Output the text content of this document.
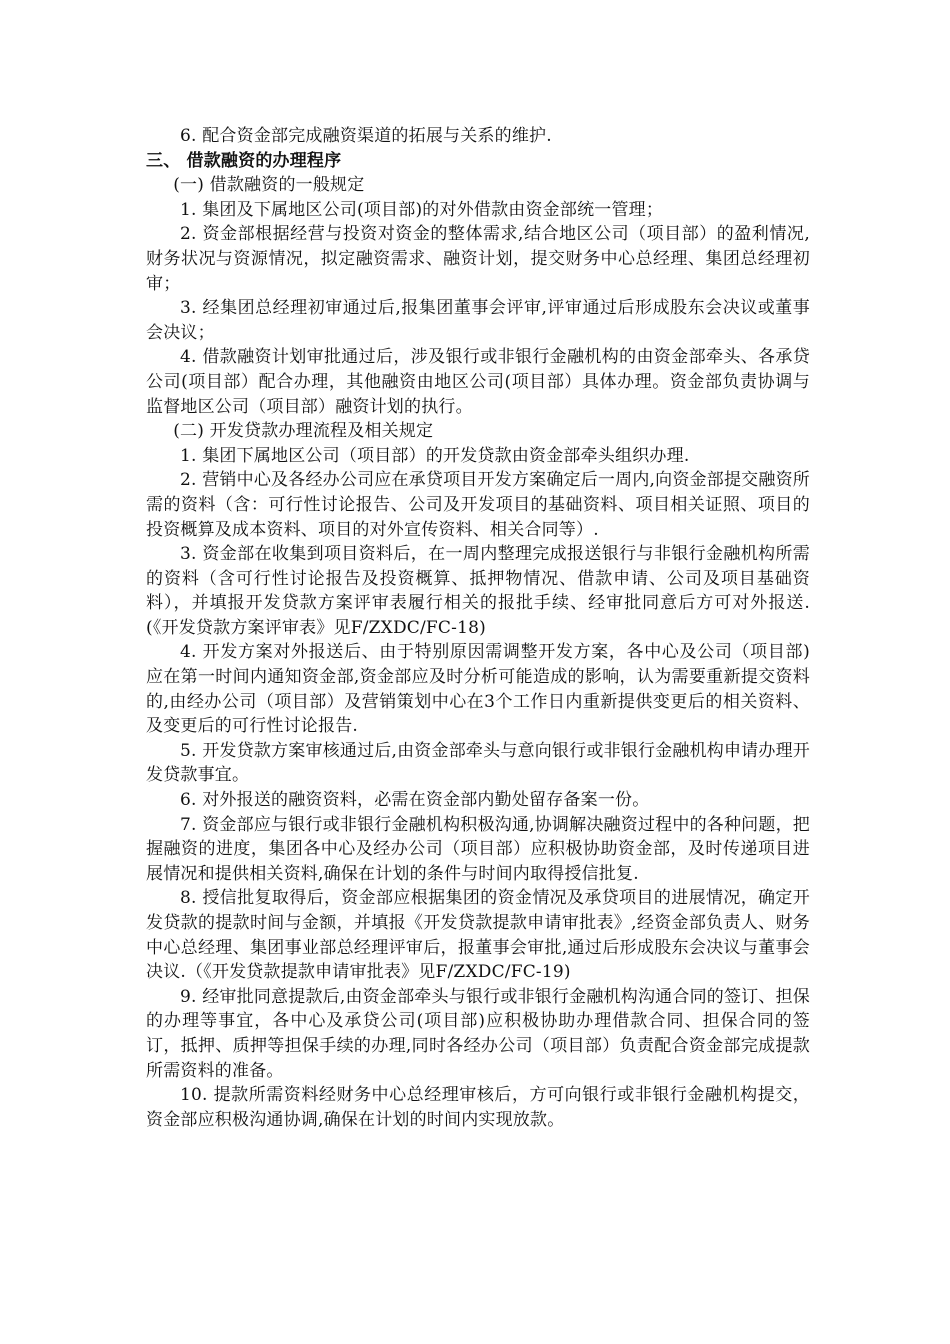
6. 配合资金部完成融资渠道的拓展与关系的维护.

三、 借款融资的办理程序

(一) 借款融资的一般规定

1. 集团及下属地区公司(项目部)的对外借款由资金部统一管理；

2. 资金部根据经营与投资对资金的整体需求,结合地区公司（项目部）的盈利情况,财务状况与资源情况，拟定融资需求、融资计划，提交财务中心总经理、集团总经理初审；

3. 经集团总经理初审通过后,报集团董事会评审,评审通过后形成股东会决议或董事会决议；

4. 借款融资计划审批通过后，涉及银行或非银行金融机构的由资金部牵头、各承贷公司(项目部）配合办理，其他融资由地区公司(项目部）具体办理。资金部负责协调与监督地区公司（项目部）融资计划的执行。

(二) 开发贷款办理流程及相关规定

1. 集团下属地区公司（项目部）的开发贷款由资金部牵头组织办理.

2. 营销中心及各经办公司应在承贷项目开发方案确定后一周内,向资金部提交融资所需的资料（含：可行性讨论报告、公司及开发项目的基础资料、项目相关证照、项目的投资概算及成本资料、项目的对外宣传资料、相关合同等）.

3. 资金部在收集到项目资料后，在一周内整理完成报送银行与非银行金融机构所需的资料（含可行性讨论报告及投资概算、抵押物情况、借款申请、公司及项目基础资料），并填报开发贷款方案评审表履行相关的报批手续、经审批同意后方可对外报送.(《开发贷款方案评审表》见F/ZXDC/FC-18)

4. 开发方案对外报送后、由于特别原因需调整开发方案，各中心及公司（项目部)应在第一时间内通知资金部,资金部应及时分析可能造成的影响，认为需要重新提交资料的,由经办公司（项目部）及营销策划中心在3个工作日内重新提供变更后的相关资料、及变更后的可行性讨论报告.

5. 开发贷款方案审核通过后,由资金部牵头与意向银行或非银行金融机构申请办理开发贷款事宜。

6. 对外报送的融资资料，必需在资金部内勤处留存备案一份。

7. 资金部应与银行或非银行金融机构积极沟通,协调解决融资过程中的各种问题，把握融资的进度，集团各中心及经办公司（项目部）应积极协助资金部，及时传递项目进展情况和提供相关资料,确保在计划的条件与时间内取得授信批复.

8. 授信批复取得后，资金部应根据集团的资金情况及承贷项目的进展情况，确定开发贷款的提款时间与金额，并填报《开发贷款提款申请审批表》,经资金部负责人、财务中心总经理、集团事业部总经理评审后，报董事会审批,通过后形成股东会决议与董事会决议.（《开发贷款提款申请审批表》见F/ZXDC/FC-19)

9. 经审批同意提款后,由资金部牵头与银行或非银行金融机构沟通合同的签订、担保的办理等事宜，各中心及承贷公司(项目部)应积极协助办理借款合同、担保合同的签订，抵押、质押等担保手续的办理,同时各经办公司（项目部）负责配合资金部完成提款所需资料的准备。

10. 提款所需资料经财务中心总经理审核后，方可向银行或非银行金融机构提交，资金部应积极沟通协调,确保在计划的时间内实现放款。
